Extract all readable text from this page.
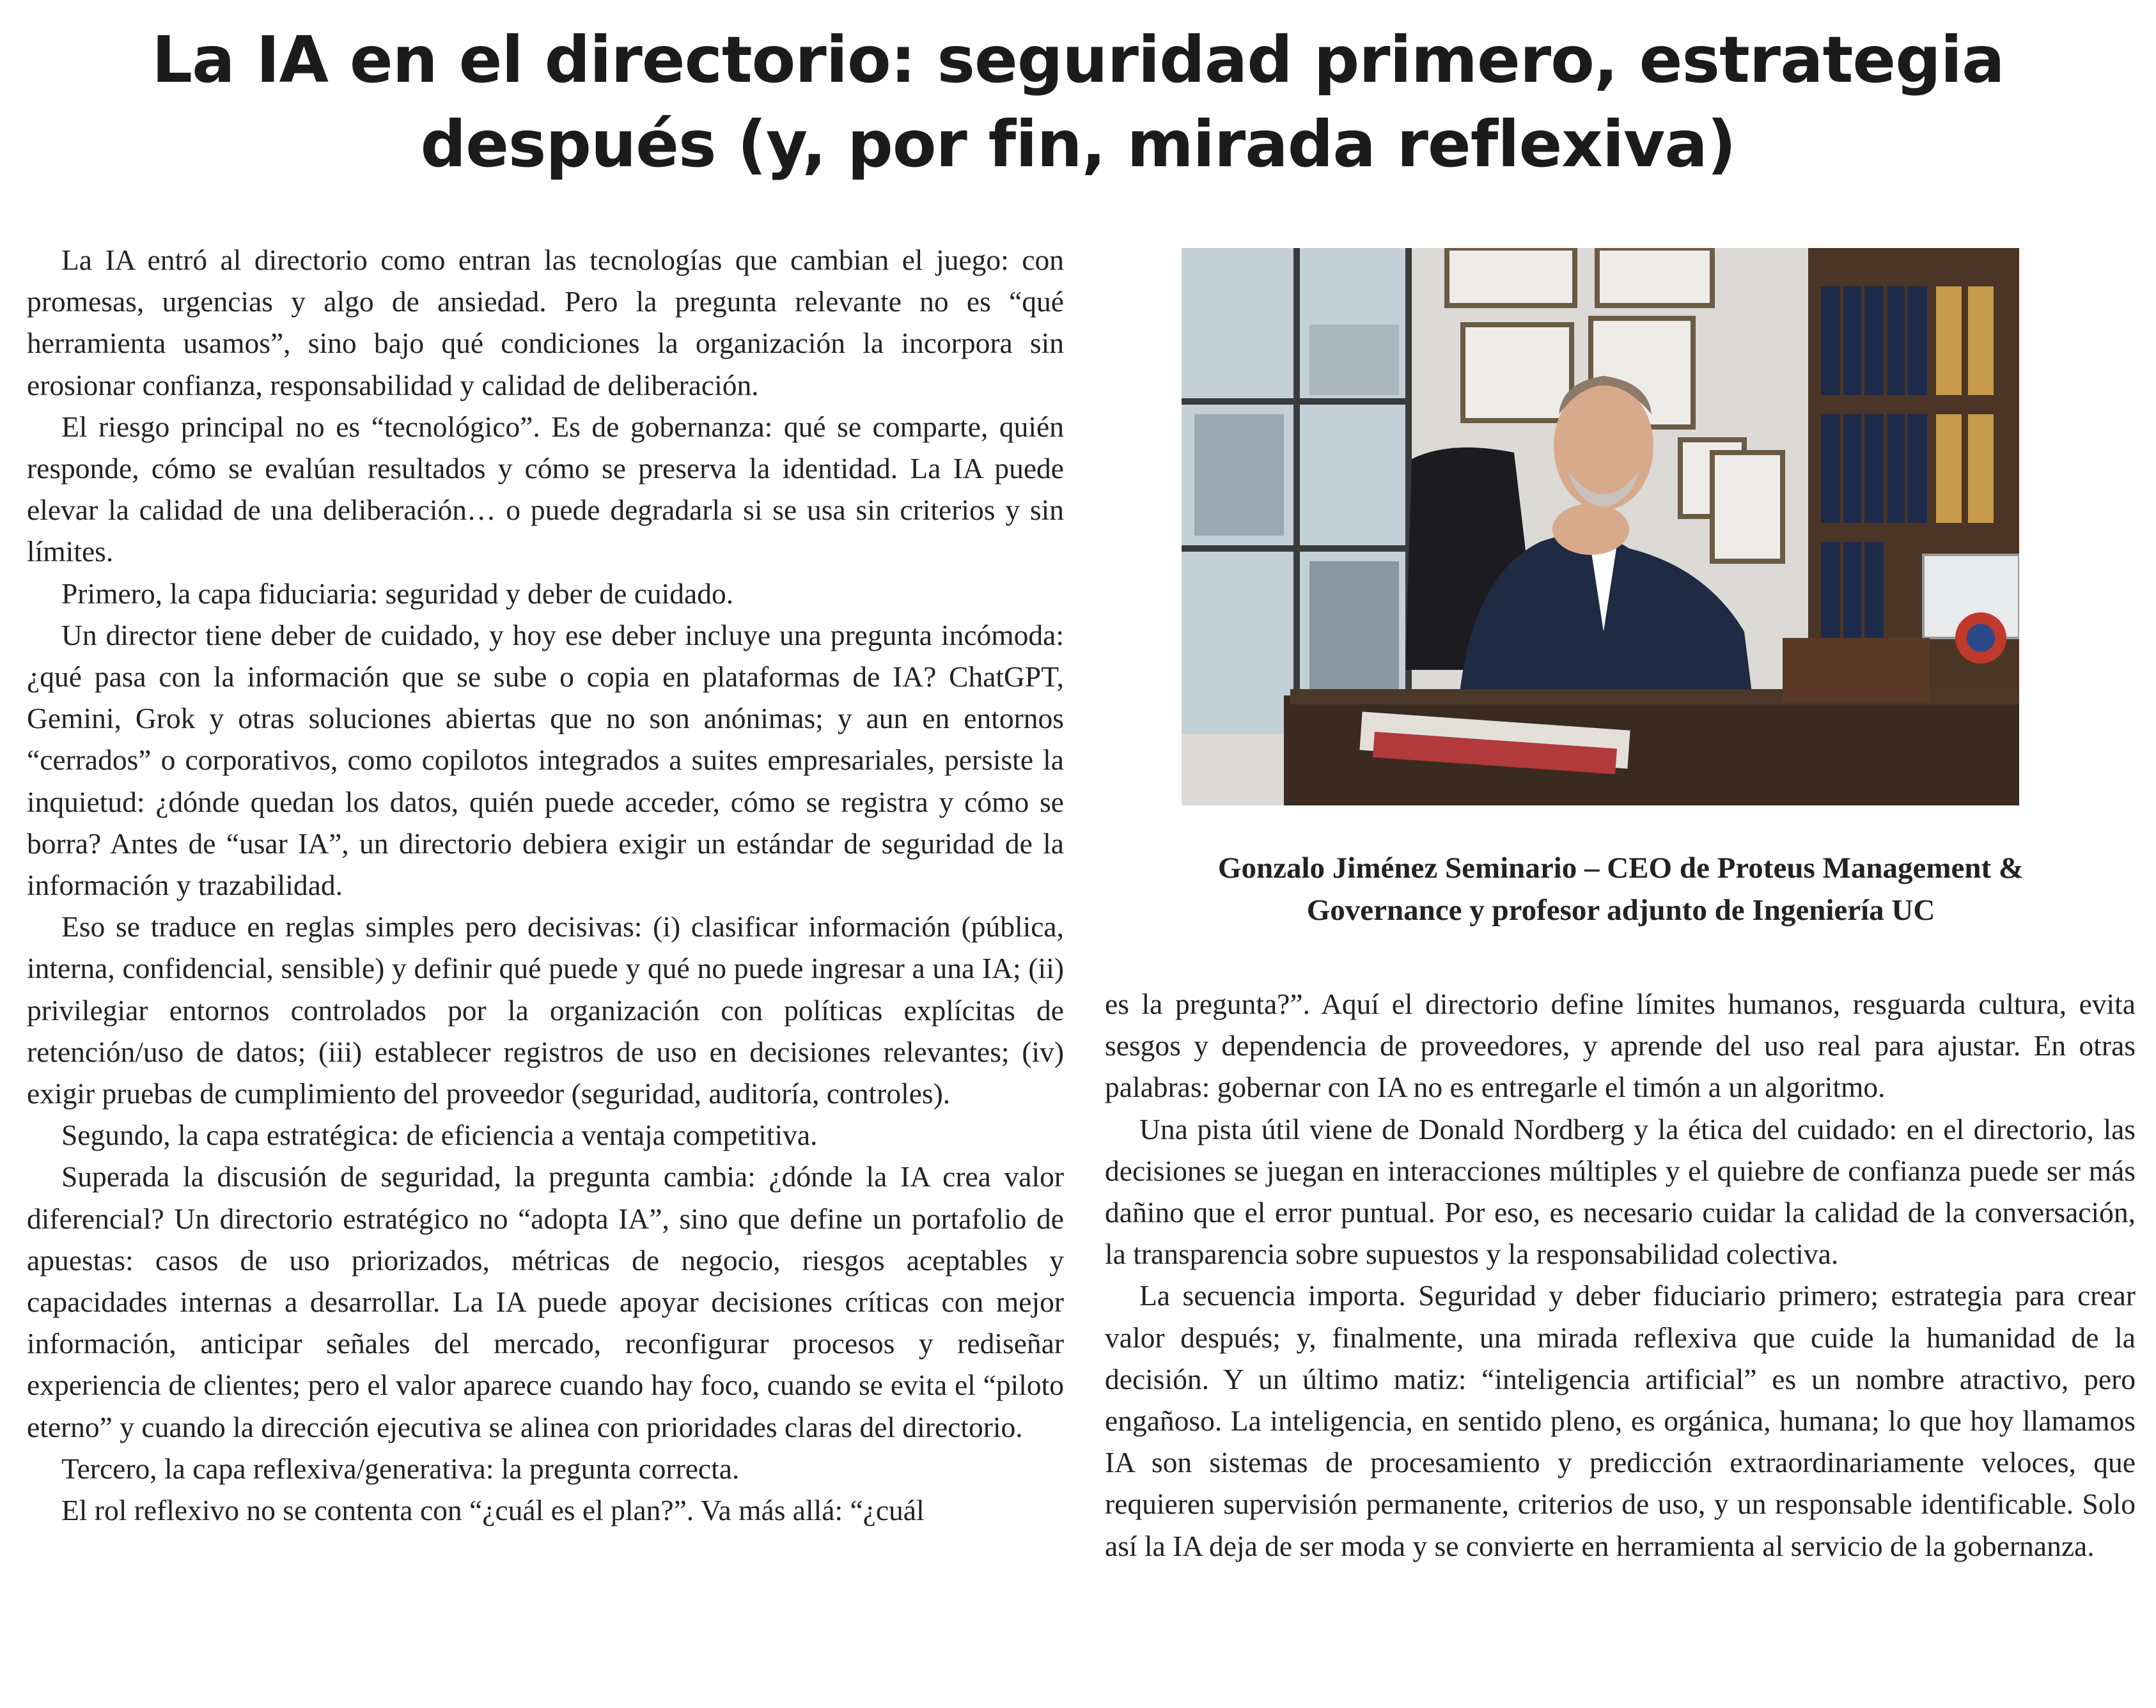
La IA en el directorio: seguridad primero, estrategia
después (y, por fin, mirada reflexiva)

La IA entró al directorio como entran las tecnologías que cambian el juego: con promesas, urgencias y algo de ansiedad. Pero la pregunta relevante no es “qué herramienta usamos”, sino bajo qué condiciones la organización la incorpora sin erosionar confianza, responsabilidad y calidad de deliberación.

El riesgo principal no es “tecnológico”. Es de gobernanza: qué se comparte, quién responde, cómo se evalúan resultados y cómo se preserva la identidad. La IA puede elevar la calidad de una deliberación… o puede degradarla si se usa sin criterios y sin límites.

Primero, la capa fiduciaria: seguridad y deber de cuidado.

Un director tiene deber de cuidado, y hoy ese deber incluye una pregunta incómoda: ¿qué pasa con la información que se sube o copia en plataformas de IA? ChatGPT, Gemini, Grok y otras soluciones abiertas que no son anónimas; y aun en entornos “cerrados” o corporativos, como copilotos integrados a suites empresariales, persiste la inquietud: ¿dónde quedan los datos, quién puede acceder, cómo se registra y cómo se borra? Antes de “usar IA”, un directorio debiera exigir un estándar de seguridad de la información y trazabilidad.

Eso se traduce en reglas simples pero decisivas: (i) clasificar información (pública, interna, confidencial, sensible) y definir qué puede y qué no puede ingresar a una IA; (ii) privilegiar entornos controlados por la organización con políticas explícitas de retención/uso de datos; (iii) establecer registros de uso en decisiones relevantes; (iv) exigir pruebas de cumplimiento del proveedor (seguridad, auditoría, controles).

Segundo, la capa estratégica: de eficiencia a ventaja competitiva.

Superada la discusión de seguridad, la pregunta cambia: ¿dónde la IA crea valor diferencial? Un directorio estratégico no “adopta IA”, sino que define un portafolio de apuestas: casos de uso priorizados, métricas de negocio, riesgos aceptables y capacidades internas a desarrollar. La IA puede apoyar decisiones críticas con mejor información, anticipar señales del mercado, reconfigurar procesos y rediseñar experiencia de clientes; pero el valor aparece cuando hay foco, cuando se evita el “piloto eterno” y cuando la dirección ejecutiva se alinea con prioridades claras del directorio.

Tercero, la capa reflexiva/generativa: la pregunta correcta.

El rol reflexivo no se contenta con “¿cuál es el plan?”. Va más allá: “¿cuál

Gonzalo Jiménez Seminario – CEO de Proteus Management &
Governance y profesor adjunto de Ingeniería UC

es la pregunta?”. Aquí el directorio define límites humanos, resguarda cultura, evita sesgos y dependencia de proveedores, y aprende del uso real para ajustar. En otras palabras: gobernar con IA no es entregarle el timón a un algoritmo.

Una pista útil viene de Donald Nordberg y la ética del cuidado: en el directorio, las decisiones se juegan en interacciones múltiples y el quiebre de confianza puede ser más dañino que el error puntual. Por eso, es necesario cuidar la calidad de la conversación, la transparencia sobre supuestos y la responsabilidad colectiva.

La secuencia importa. Seguridad y deber fiduciario primero; estrategia para crear valor después; y, finalmente, una mirada reflexiva que cuide la humanidad de la decisión. Y un último matiz: “inteligencia artificial” es un nombre atractivo, pero engañoso. La inteligencia, en sentido pleno, es orgánica, humana; lo que hoy llamamos IA son sistemas de procesamiento y predicción extraordinariamente veloces, que requieren supervisión permanente, criterios de uso, y un responsable identificable. Solo así la IA deja de ser moda y se convierte en herramienta al servicio de la gobernanza.
